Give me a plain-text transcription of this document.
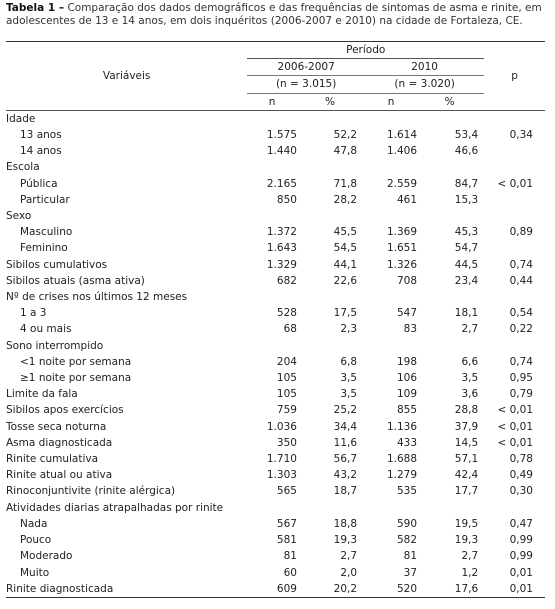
Tabela 1 – Comparação dos dados demográficos e das frequências de sintomas de asma e rinite, em adolescentes de 13 e 14 anos, em dois inquéritos (2006-2007 e 2010) na cidade de Fortaleza, CE.
Variáveis	Período				p
	2006-2007		2010		
	(n = 3.015)		(n = 3.020)		
	n	%	n	%	
Idade					
13 anos	1.575	52,2	1.614	53,4	0,34
14 anos	1.440	47,8	1.406	46,6	
Escola					
Pública	2.165	71,8	2.559	84,7	< 0,01
Particular	850	28,2	461	15,3	
Sexo					
Masculino	1.372	45,5	1.369	45,3	0,89
Feminino	1.643	54,5	1.651	54,7	
Sibilos cumulativos	1.329	44,1	1.326	44,5	0,74
Sibilos atuais (asma ativa)	682	22,6	708	23,4	0,44
Nº de crises nos últimos 12 meses					
1 a 3	528	17,5	547	18,1	0,54
4 ou mais	68	2,3	83	2,7	0,22
Sono interrompido					
<1 noite por semana	204	6,8	198	6,6	0,74
≥1 noite por semana	105	3,5	106	3,5	0,95
Limite da fala	105	3,5	109	3,6	0,79
Sibilos apos exercícios	759	25,2	855	28,8	< 0,01
Tosse seca noturna	1.036	34,4	1.136	37,9	< 0,01
Asma diagnosticada	350	11,6	433	14,5	< 0,01
Rinite cumulativa	1.710	56,7	1.688	57,1	0,78
Rinite atual ou ativa	1.303	43,2	1.279	42,4	0,49
Rinoconjuntivite (rinite alérgica)	565	18,7	535	17,7	0,30
Atividades diarias atrapalhadas por rinite					
Nada	567	18,8	590	19,5	0,47
Pouco	581	19,3	582	19,3	0,99
Moderado	81	2,7	81	2,7	0,99
Muito	60	2,0	37	1,2	0,01
Rinite diagnosticada	609	20,2	520	17,6	0,01
